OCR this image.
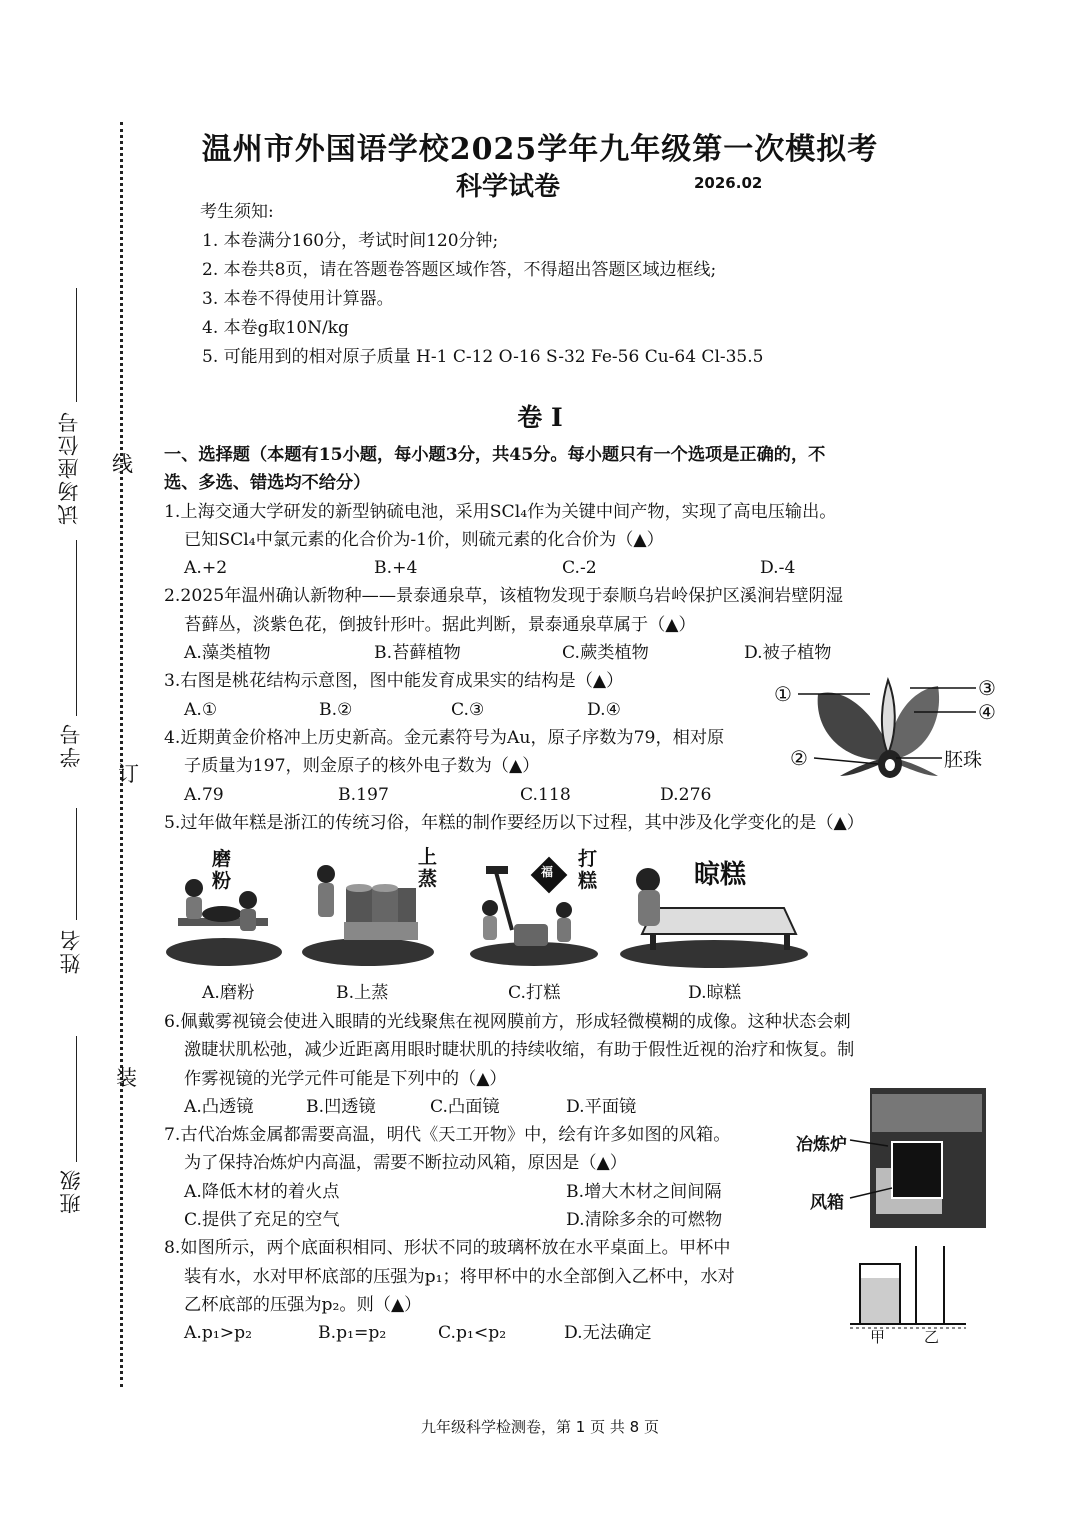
线
订
装
试场座位号
学号
姓名
班级
温州市外国语学校2025学年九年级第一次模拟考
科学试卷	2026.02
考生须知:
1. 本卷满分160分，考试时间120分钟;
2. 本卷共8页，请在答题卷答题区域作答，不得超出答题区域边框线;
3. 本卷不得使用计算器。
4. 本卷g取10N/kg
5. 可能用到的相对原子质量 H-1 C-12 O-16 S-32 Fe-56 Cu-64 Cl-35.5
卷 I
一、选择题（本题有15小题，每小题3分，共45分。每小题只有一个选项是正确的，不
选、多选、错选均不给分）
1.上海交通大学研发的新型钠硫电池，采用SCl₄作为关键中间产物，实现了高电压输出。
已知SCl₄中氯元素的化合价为-1价，则硫元素的化合价为（▲）
A.+2	B.+4	C.-2	D.-4
2.2025年温州确认新物种——景泰通泉草，该植物发现于泰顺乌岩岭保护区溪涧岩壁阴湿
苔藓丛，淡紫色花，倒披针形叶。据此判断，景泰通泉草属于（▲）
A.藻类植物	B.苔藓植物	C.蕨类植物	D.被子植物
3.右图是桃花结构示意图，图中能发育成果实的结构是（▲）
A.①	B.②	C.③	D.④
4.近期黄金价格冲上历史新高。金元素符号为Au，原子序数为79，相对原
子质量为197，则金原子的核外电子数为（▲）
A.79	B.197	C.118	D.276
5.过年做年糕是浙江的传统习俗，年糕的制作要经历以下过程，其中涉及化学变化的是（▲）
磨粉
上蒸	福
打糕	晾糕
A.磨粉	B.上蒸	C.打糕	D.晾糕
6.佩戴雾视镜会使进入眼睛的光线聚焦在视网膜前方，形成轻微模糊的成像。这种状态会刺
激睫状肌松弛，减少近距离用眼时睫状肌的持续收缩，有助于假性近视的治疗和恢复。制
作雾视镜的光学元件可能是下列中的（▲）
A.凸透镜	B.凹透镜	C.凸面镜	D.平面镜
7.古代冶炼金属都需要高温，明代《天工开物》中，绘有许多如图的风箱。
为了保持冶炼炉内高温，需要不断拉动风箱，原因是（▲）
A.降低木材的着火点	B.增大木材之间间隔
C.提供了充足的空气	D.清除多余的可燃物
8.如图所示，两个底面积相同、形状不同的玻璃杯放在水平桌面上。甲杯中
装有水，水对甲杯底部的压强为p₁；将甲杯中的水全部倒入乙杯中，水对
乙杯底部的压强为p₂。则（▲）
A.p₁>p₂	B.p₁=p₂	C.p₁<p₂	D.无法确定
①
②
③
④
胚珠
冶炼炉
风箱
甲	乙
九年级科学检测卷，第 1 页 共 8 页
